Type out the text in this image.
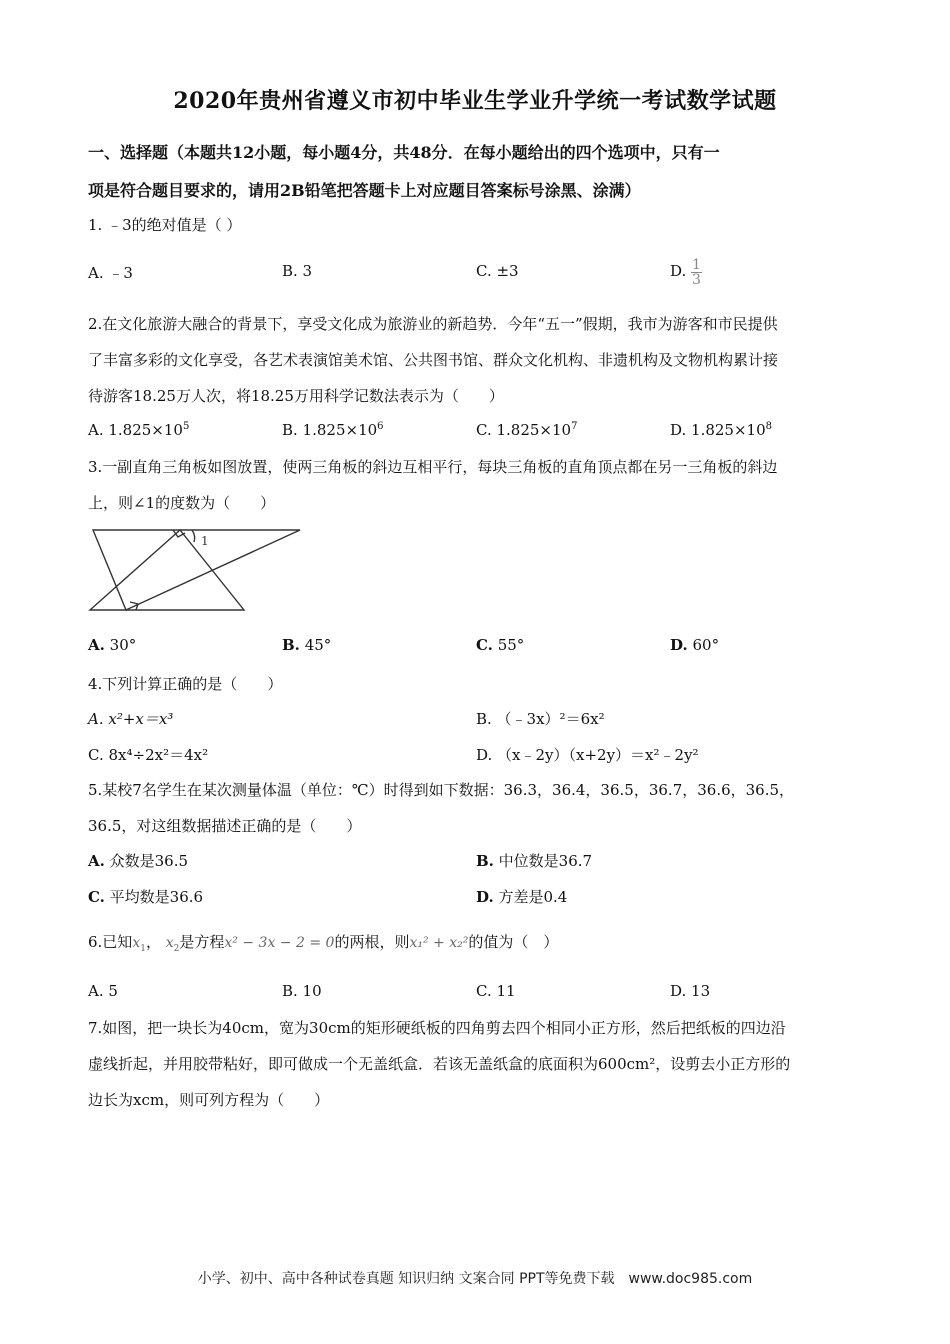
2020年贵州省遵义市初中毕业生学业升学统一考试数学试题
一、选择题（本题共12小题，每小题4分，共48分．在每小题给出的四个选项中，只有一
项是符合题目要求的，请用2B铅笔把答题卡上对应题目答案标号涂黑、涂满）
1. ﹣3的绝对值是（ ）
A. ﹣3	B. 3	C. ±3	D. $\frac{1}{3}$
2.在文化旅游大融合的背景下，享受文化成为旅游业的新趋势．今年“五一”假期，我市为游客和市民提供
了丰富多彩的文化享受，各艺术表演馆美术馆、公共图书馆、群众文化机构、非遗机构及文物机构累计接
待游客18.25万人次，将18.25万用科学记数法表示为（　　）
A. $1.825\times 10^5$	B. $1.825\times 10^6$	C. $1.825\times 10^7$	D. $1.825\times 10^8$
3.一副直角三角板如图放置，使两三角板的斜边互相平行，每块三角板的直角顶点都在另一三角板的斜边
上，则∠1的度数为（　　）
1
A. 30°	B. 45°	C. 55°	D. 60°
4.下列计算正确的是（　　）
A. x²+x＝x³	B. （﹣3x）²＝6x²
C. 8x⁴÷2x²＝4x²	D. （x﹣2y）（x+2y）＝x²﹣2y²
5.某校7名学生在某次测量体温（单位：℃）时得到如下数据：36.3，36.4，36.5，36.7，36.6，36.5，
36.5，对这组数据描述正确的是（　　）
A. 众数是36.5	B. 中位数是36.7
C. 平均数是36.6	D. 方差是0.4
6.已知$x_1$， $x_2$是方程x² − 3x − 2 = 0的两根，则x₁² + x₂²的值为（　）
A. 5	B. 10	C. 11	D. 13
7.如图，把一块长为40cm，宽为30cm的矩形硬纸板的四角剪去四个相同小正方形，然后把纸板的四边沿
虚线折起，并用胶带粘好，即可做成一个无盖纸盒．若该无盖纸盒的底面积为600cm²，设剪去小正方形的
边长为xcm，则可列方程为（　　）
小学、初中、高中各种试卷真题 知识归纳 文案合同 PPT等免费下载　www.doc985.com
